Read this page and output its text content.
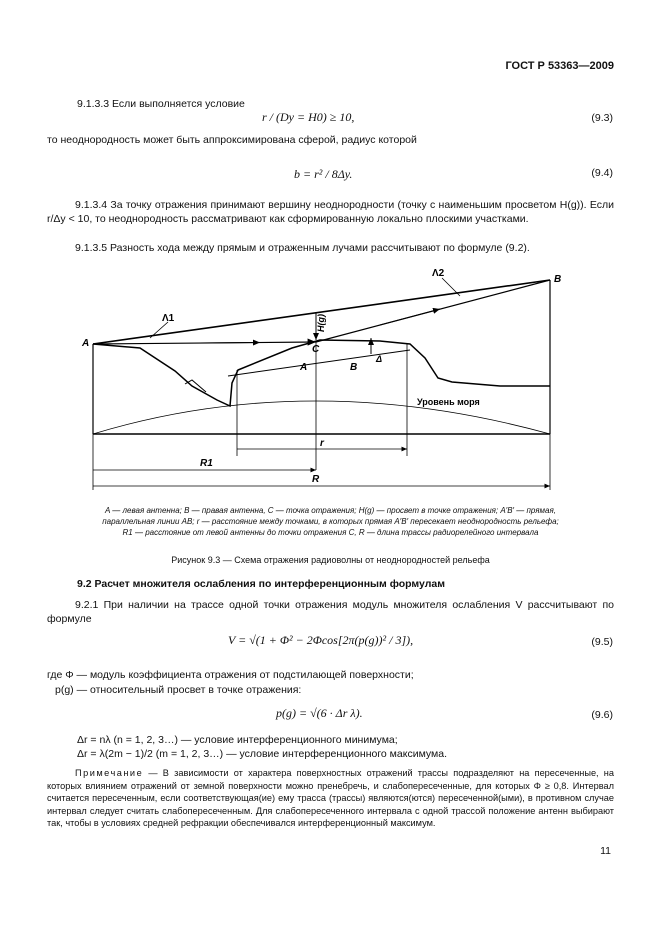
ГОСТ Р 53363—2009
9.1.3.3 Если выполняется условие
r / (Dy = H0) ≥ 10,	(9.3)
то неоднородность может быть аппроксимирована сферой, радиус которой
b = r² / 8Δy.	(9.4)
9.1.3.4 За точку отражения принимают вершину неоднородности (точку с наименьшим просветом H(g)). Если r/Δy < 10, то неоднородность рассматривают как сформированную локально плоскими участками.
9.1.3.5 Разность хода между прямым и отраженным лучами рассчитывают по формуле (9.2).
A
B
C
A	B
Λ1
Λ2
H(g)
Δ
Уровень моря
r
R1
R
A — левая антенна; B — правая антенна, C — точка отражения; H(g) — просвет в точке отражения; A′B′ — прямая,
параллельная линии AB; r — расстояние между точками, в которых прямая A′B′ пересекает неоднородность рельефа;
R1 — расстояние от левой антенны до точки отражения C, R — длина трассы радиорелейного интервала
Рисунок 9.3 — Схема отражения радиоволны от неоднородностей рельефа
9.2 Расчет множителя ослабления по интерференционным формулам
9.2.1 При наличии на трассе одной точки отражения модуль множителя ослабления V рассчитывают по формуле
V = √(1 + Φ² − 2Φcos[2π(p(g))² / 3]),	(9.5)
где Φ — модуль коэффициента отражения от подстилающей поверхности;
p(g) — относительный просвет в точке отражения:
p(g) = √(6 · Δr λ).	(9.6)
Δr = nλ (n = 1, 2, 3…) — условие интерференционного минимума;
Δr = λ(2m − 1)/2 (m = 1, 2, 3…) — условие интерференционного максимума.
Примечание — В зависимости от характера поверхностных отражений трассы подразделяют на пересеченные, на которых влиянием отражений от земной поверхности можно пренебречь, и слабопересеченные, для которых Φ ≥ 0,8. Интервал считается пересеченным, если соответствующая(ие) ему трасса (трассы) являются(ются) пересеченной(ыми), в противном случае интервал следует считать слабопересеченным. Для слабопересеченного интервала с одной трассой положение антенн выбирают так, чтобы в условиях средней рефракции обеспечивался интерференционный максимум.
11
